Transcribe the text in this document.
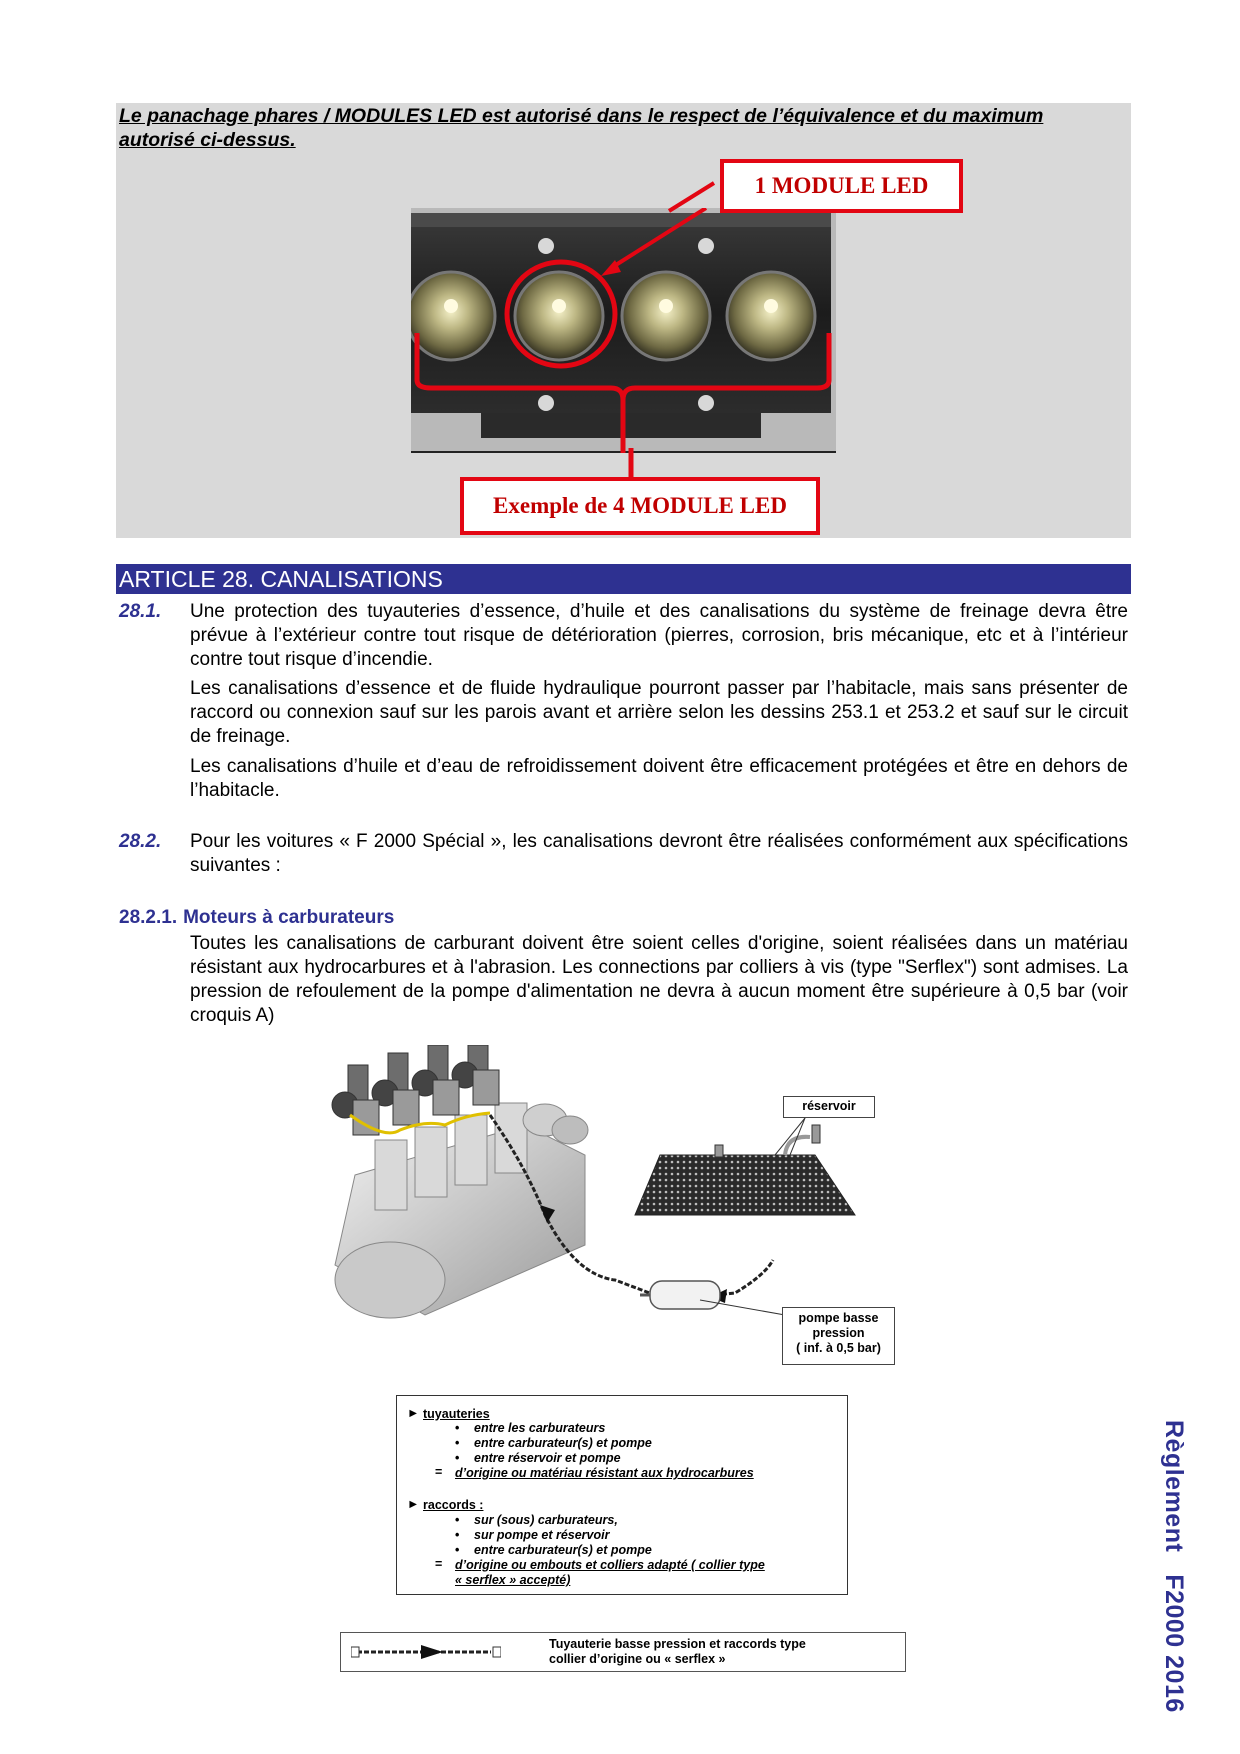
Le panachage phares / MODULES LED est autorisé dans le respect de l’équivalence et du maximum autorisé ci-dessus.

1 MODULE LED
Exemple de 4 MODULE LED
ARTICLE 28. CANALISATIONS
28.1. Une protection des tuyauteries d’essence, d’huile et des canalisations du système de freinage devra être prévue à l’extérieur contre tout risque de détérioration (pierres, corrosion, bris mécanique, etc et à l’intérieur contre tout risque d’incendie.

Les canalisations d’essence et de fluide hydraulique pourront passer par l’habitacle, mais sans présenter de raccord ou connexion sauf sur les parois avant et arrière selon les dessins 253.1 et 253.2 et sauf sur le circuit de freinage.

Les canalisations d’huile et d’eau de refroidissement doivent être efficacement protégées et être en dehors de l’habitacle.

28.2. Pour les voitures « F 2000 Spécial », les canalisations devront être réalisées conformément aux spécifications suivantes :

28.2.1. Moteurs à carburateurs

Toutes les canalisations de carburant doivent être soient celles d'origine, soient réalisées dans un matériau résistant aux hydrocarbures et à l'abrasion. Les connections par colliers à vis (type "Serflex") sont admises. La pression de refoulement de la pompe d'alimentation ne devra à aucun moment être supérieure à 0,5 bar (voir croquis A)

réservoir
pompe basse
pression
( inf. à 0,5 bar)
► tuyauteries
• entre les carburateurs
• entre carburateur(s) et pompe
• entre réservoir et pompe
= d’origine ou matériau résistant aux hydrocarbures
► raccords :
• sur (sous) carburateurs,
• sur pompe et réservoir
• entre carburateur(s) et pompe
= d’origine ou embouts et colliers adapté ( collier type
« serflex » accepté)

Tuyauterie basse pression et raccords type
collier d’origine ou « serflex »

RèglementF2000 2016
